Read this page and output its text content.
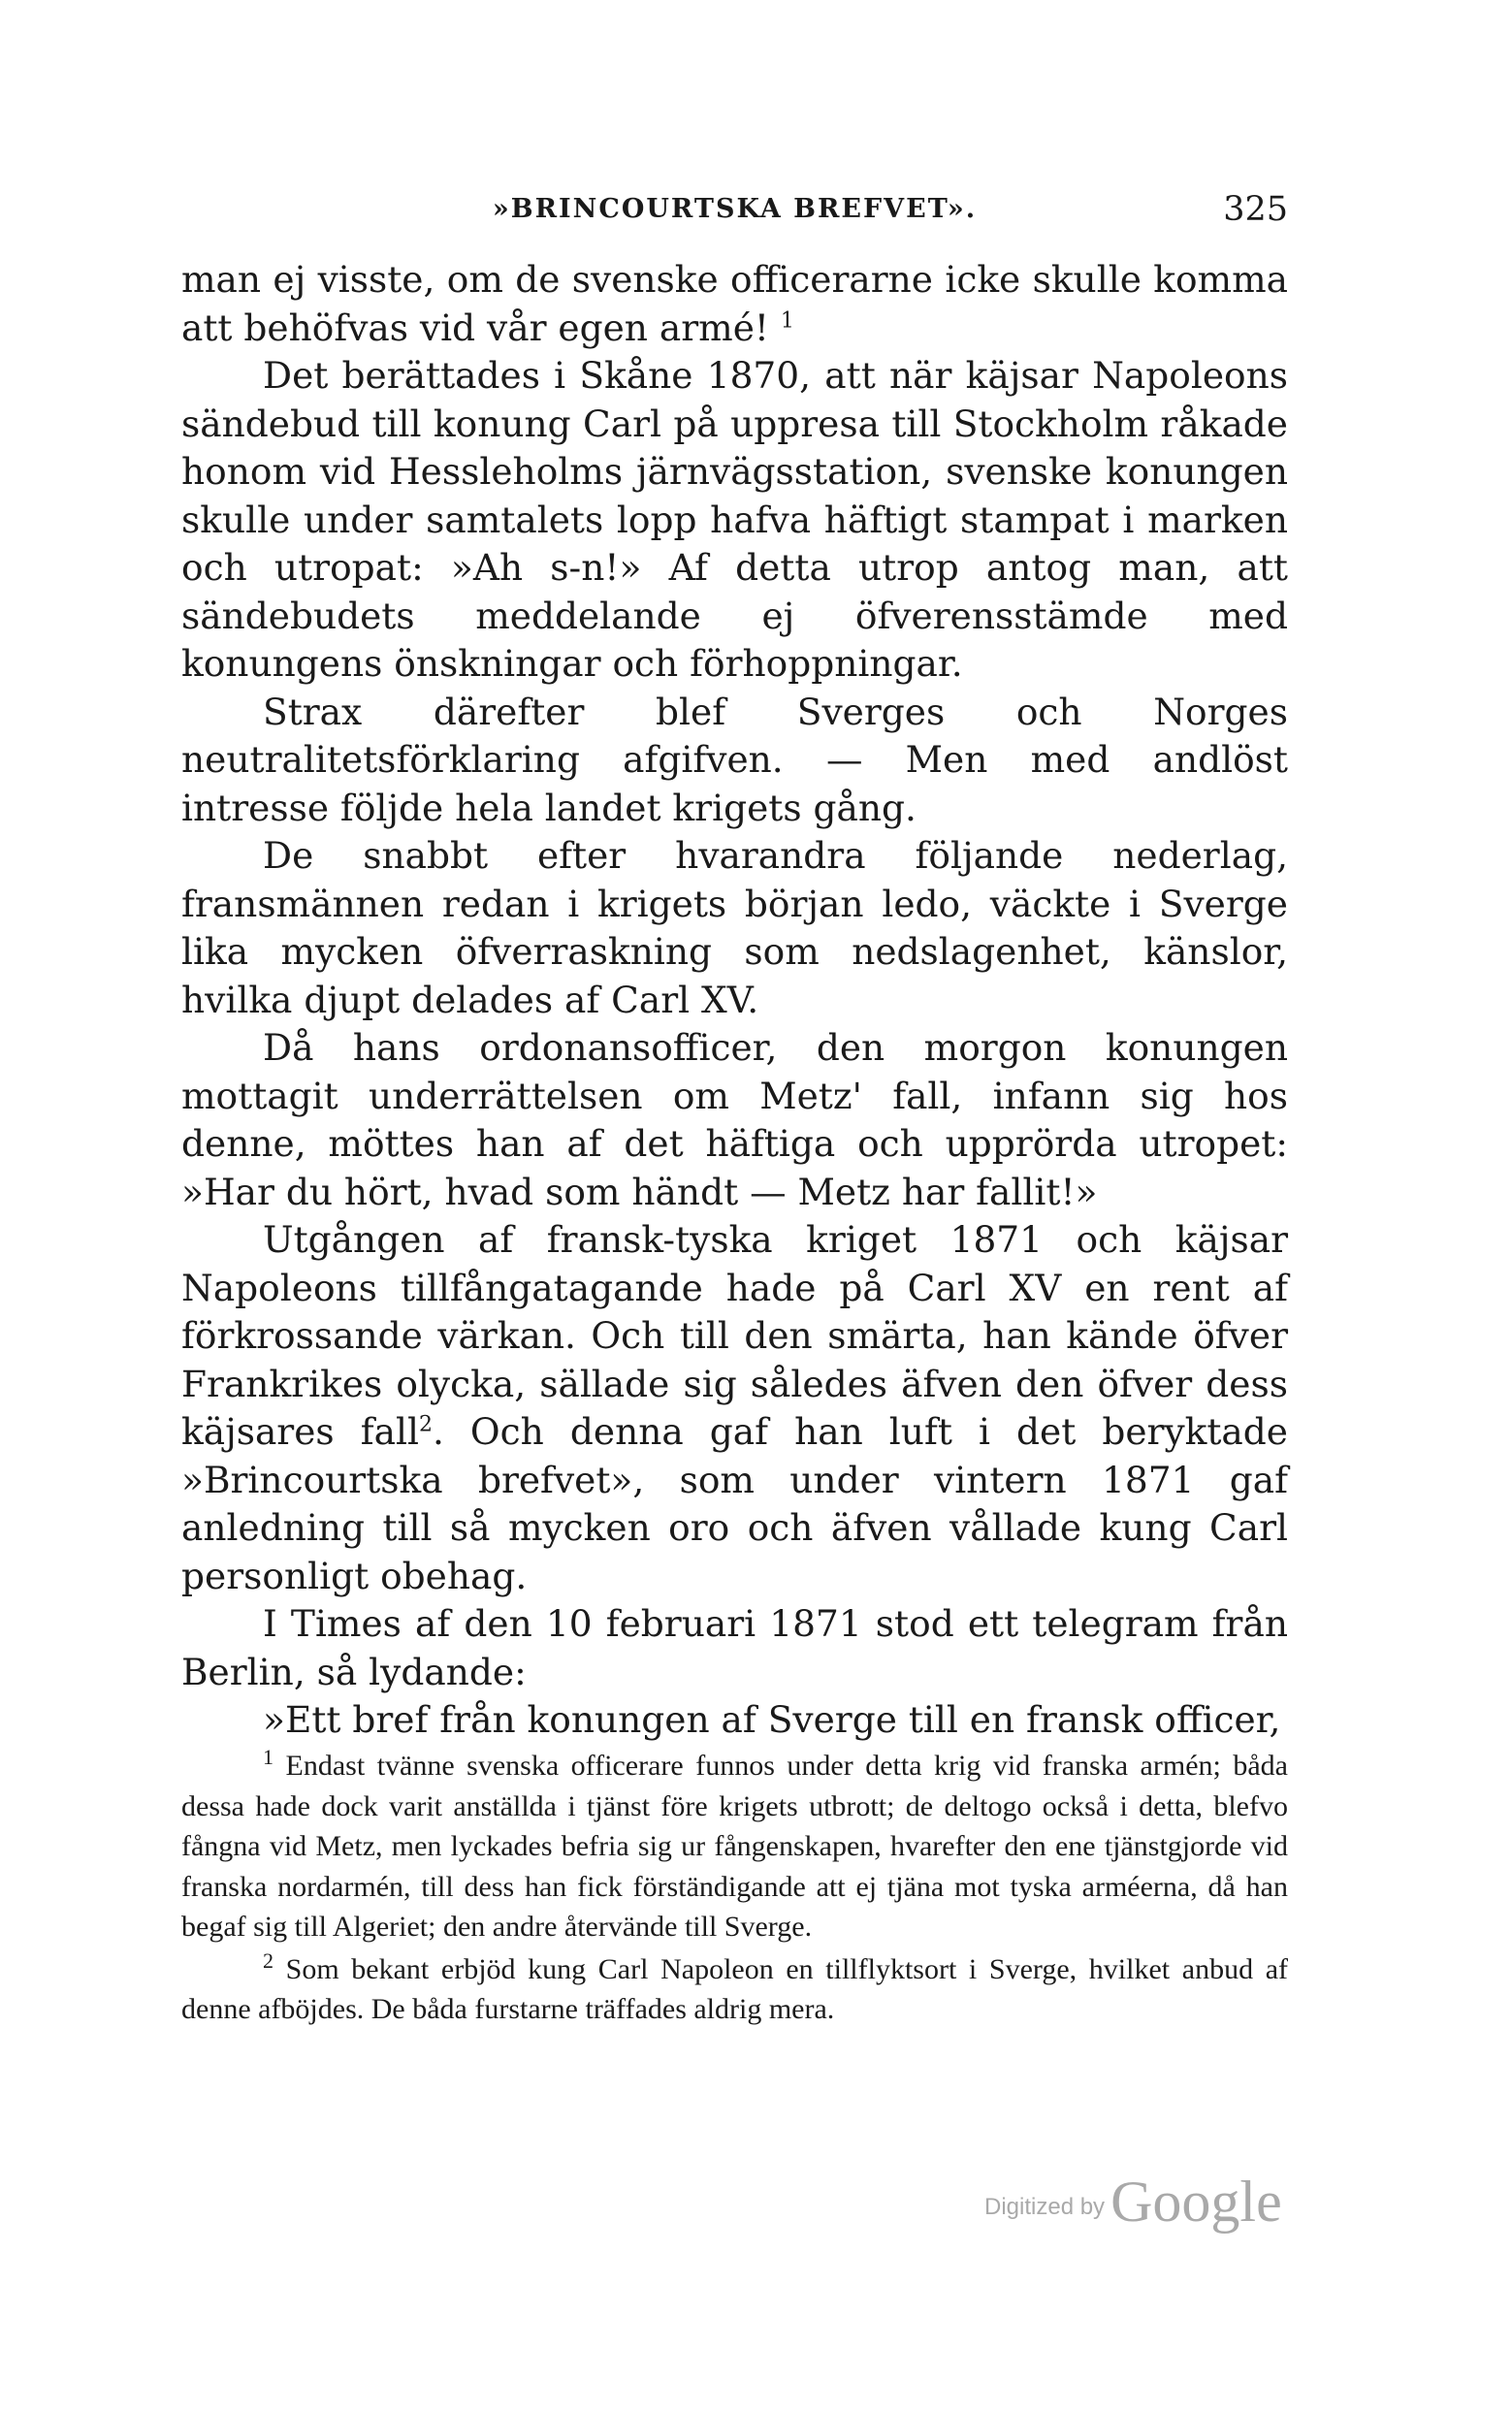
»BRINCOURTSKA BREFVET».	325

man ej visste, om de svenske officerarne icke skulle komma att behöfvas vid vår egen armé! $^1$

Det berättades i Skåne 1870, att när käjsar Napoleons sändebud till konung Carl på uppresa till Stockholm råkade honom vid Hessleholms järnvägsstation, svenske konungen skulle under samtalets lopp hafva häftigt stampat i marken och utropat: »Ah s-n!» Af detta utrop antog man, att sändebudets meddelande ej öfverensstämde med konungens önskningar och förhoppningar.

Strax därefter blef Sverges och Norges neutralitetsförklaring afgifven. — Men med andlöst intresse följde hela landet krigets gång.

De snabbt efter hvarandra följande nederlag, fransmännen redan i krigets början ledo, väckte i Sverge lika mycken öfverraskning som nedslagenhet, känslor, hvilka djupt delades af Carl XV.

Då hans ordonansofficer, den morgon konungen mottagit underrättelsen om Metz' fall, infann sig hos denne, möttes han af det häftiga och upprörda utropet: »Har du hört, hvad som händt — Metz har fallit!»

Utgången af fransk-tyska kriget 1871 och käjsar Napoleons tillfångatagande hade på Carl XV en rent af förkrossande värkan. Och till den smärta, han kände öfver Frankrikes olycka, sällade sig således äfven den öfver dess käjsares fall$^2$. Och denna gaf han luft i det beryktade »Brincourtska brefvet», som under vintern 1871 gaf anledning till så mycken oro och äfven vållade kung Carl personligt obehag.

I Times af den 10 februari 1871 stod ett telegram från Berlin, så lydande:

»Ett bref från konungen af Sverge till en fransk officer,

$^1$ Endast tvänne svenska officerare funnos under detta krig vid franska armén; båda dessa hade dock varit anställda i tjänst före krigets utbrott; de deltogo också i detta, blefvo fångna vid Metz, men lyckades befria sig ur fångenskapen, hvarefter den ene tjänstgjorde vid franska nordarmén, till dess han fick förständigande att ej tjäna mot tyska arméerna, då han begaf sig till Algeriet; den andre återvände till Sverge.

$^2$ Som bekant erbjöd kung Carl Napoleon en tillflyktsort i Sverge, hvilket anbud af denne afböjdes. De båda furstarne träffades aldrig mera.

Digitized by Google
